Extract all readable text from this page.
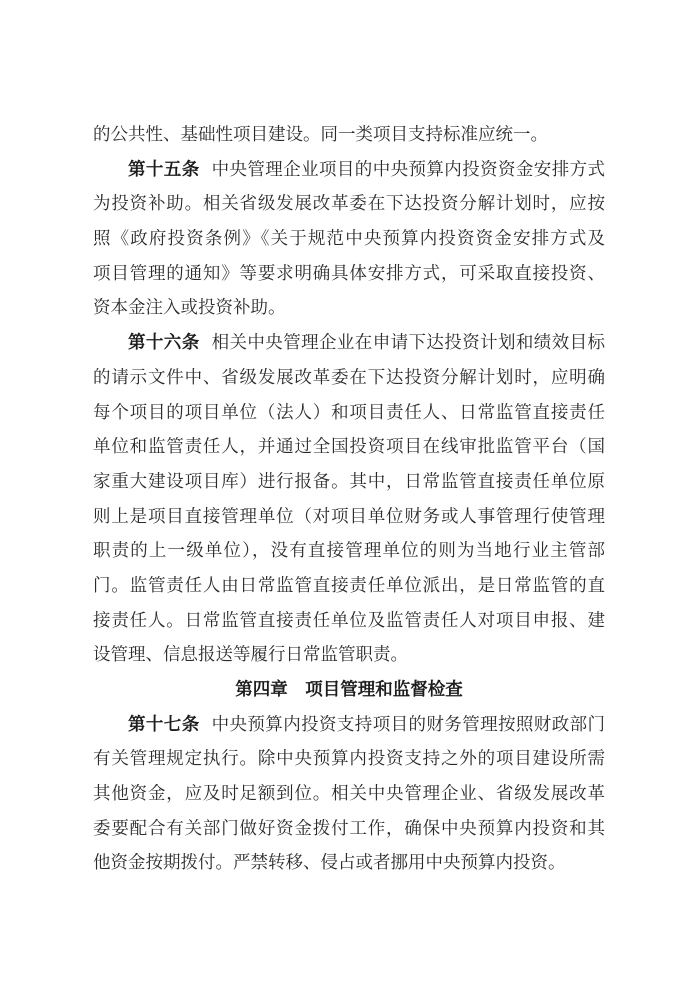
的公共性、基础性项目建设。同一类项目支持标准应统一。
第十五条 中央管理企业项目的中央预算内投资资金安排方式
为投资补助。相关省级发展改革委在下达投资分解计划时，应按
照《政府投资条例》《关于规范中央预算内投资资金安排方式及
项目管理的通知》等要求明确具体安排方式，可采取直接投资、
资本金注入或投资补助。
第十六条 相关中央管理企业在申请下达投资计划和绩效目标
的请示文件中、省级发展改革委在下达投资分解计划时，应明确
每个项目的项目单位（法人）和项目责任人、日常监管直接责任
单位和监管责任人，并通过全国投资项目在线审批监管平台（国
家重大建设项目库）进行报备。其中，日常监管直接责任单位原
则上是项目直接管理单位（对项目单位财务或人事管理行使管理
职责的上一级单位），没有直接管理单位的则为当地行业主管部
门。监管责任人由日常监管直接责任单位派出，是日常监管的直
接责任人。日常监管直接责任单位及监管责任人对项目申报、建
设管理、信息报送等履行日常监管职责。
第四章　项目管理和监督检查
第十七条 中央预算内投资支持项目的财务管理按照财政部门
有关管理规定执行。除中央预算内投资支持之外的项目建设所需
其他资金，应及时足额到位。相关中央管理企业、省级发展改革
委要配合有关部门做好资金拨付工作，确保中央预算内投资和其
他资金按期拨付。严禁转移、侵占或者挪用中央预算内投资。
